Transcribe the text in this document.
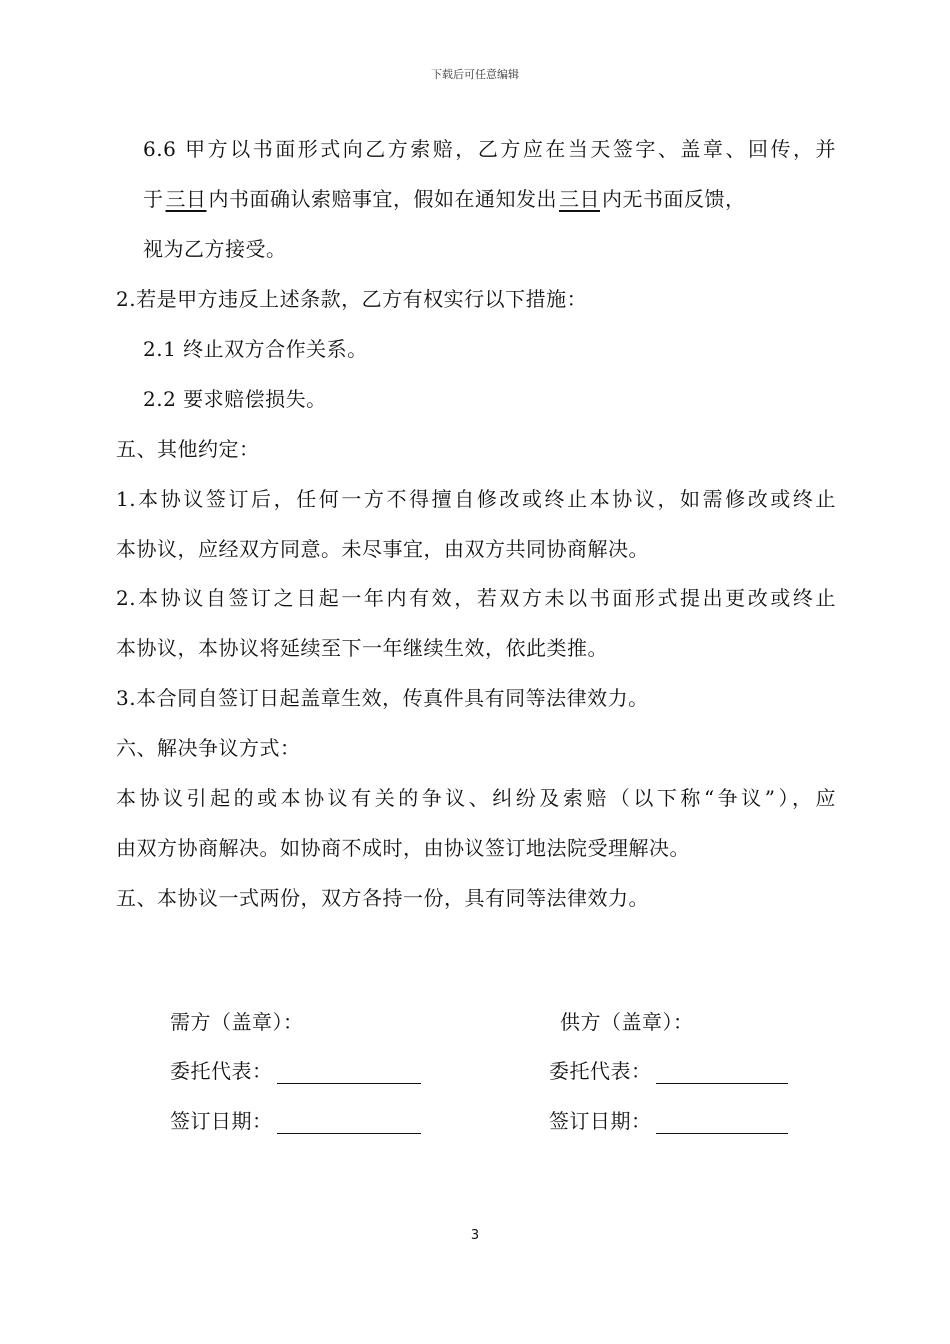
下载后可任意编辑
6.6 甲方以书面形式向乙方索赔，乙方应在当天签字、盖章、回传，并
于 三日 内书面确认索赔事宜，假如在通知发出 三日 内无书面反馈，
视为乙方接受。
2.若是甲方违反上述条款，乙方有权实行以下措施：
2.1 终止双方合作关系。
2.2 要求赔偿损失。
五、其他约定：
1.本协议签订后，任何一方不得擅自修改或终止本协议，如需修改或终止
本协议，应经双方同意。未尽事宜，由双方共同协商解决。
2.本协议自签订之日起一年内有效，若双方未以书面形式提出更改或终止
本协议，本协议将延续至下一年继续生效，依此类推。
3.本合同自签订日起盖章生效，传真件具有同等法律效力。
六、解决争议方式：
本协议引起的或本协议有关的争议、纠纷及索赔（以下称“争议”），应
由双方协商解决。如协商不成时，由协议签订地法院受理解决。
五、本协议一式两份，双方各持一份，具有同等法律效力。
需方（盖章）：	供方（盖章）：
委托代表：	委托代表：
签订日期：	签订日期：
3
